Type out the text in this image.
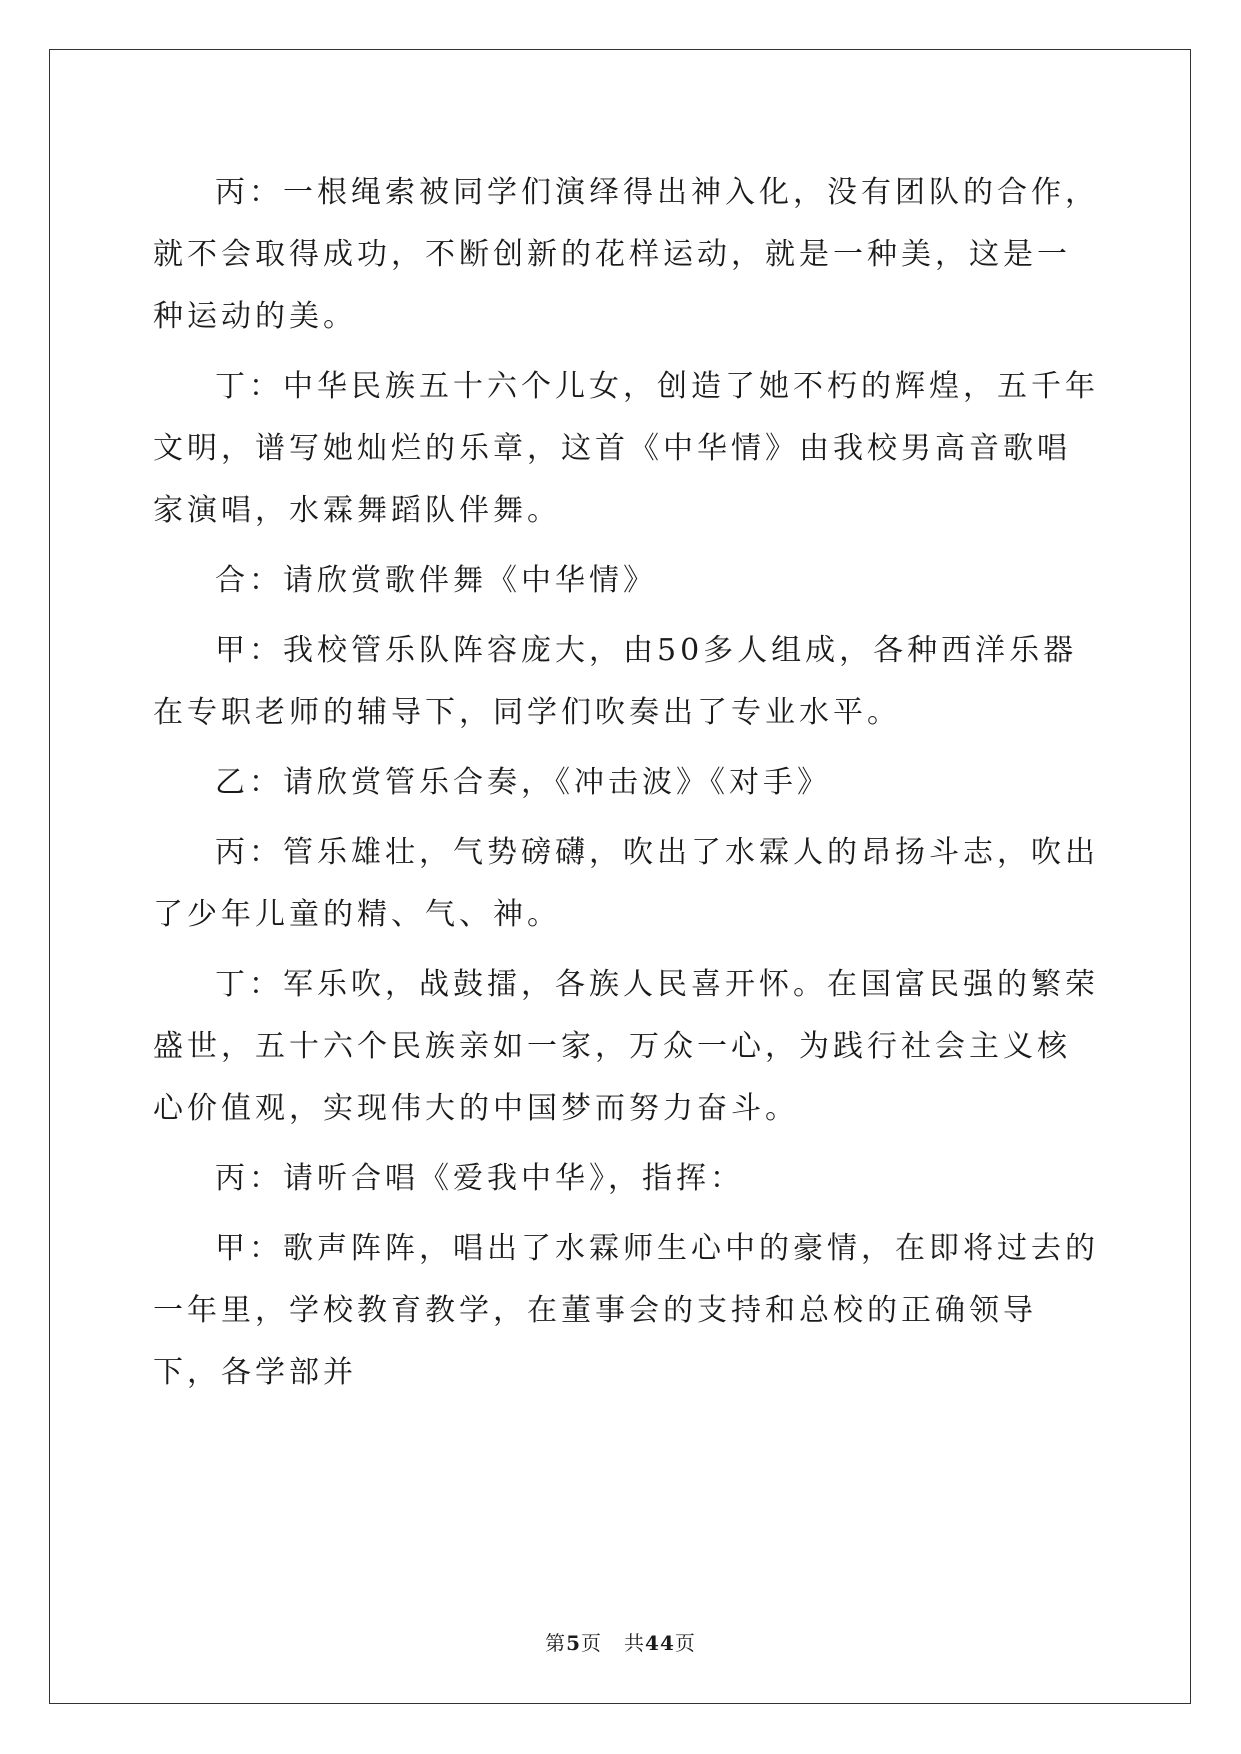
丙：一根绳索被同学们演绎得出神入化，没有团队的合作，就不会取得成功，不断创新的花样运动，就是一种美，这是一种运动的美。

丁：中华民族五十六个儿女，创造了她不朽的辉煌，五千年文明，谱写她灿烂的乐章，这首《中华情》由我校男高音歌唱家演唱，水霖舞蹈队伴舞。

合：请欣赏歌伴舞《中华情》

甲：我校管乐队阵容庞大，由50多人组成，各种西洋乐器在专职老师的辅导下，同学们吹奏出了专业水平。

乙：请欣赏管乐合奏，《冲击波》《对手》

丙：管乐雄壮，气势磅礴，吹出了水霖人的昂扬斗志，吹出了少年儿童的精、气、神。

丁：军乐吹，战鼓擂，各族人民喜开怀。在国富民强的繁荣盛世，五十六个民族亲如一家，万众一心，为践行社会主义核心价值观，实现伟大的中国梦而努力奋斗。

丙：请听合唱《爱我中华》，指挥：

甲：歌声阵阵，唱出了水霖师生心中的豪情，在即将过去的一年里，学校教育教学，在董事会的支持和总校的正确领导下，各学部并

第5页 共44页
